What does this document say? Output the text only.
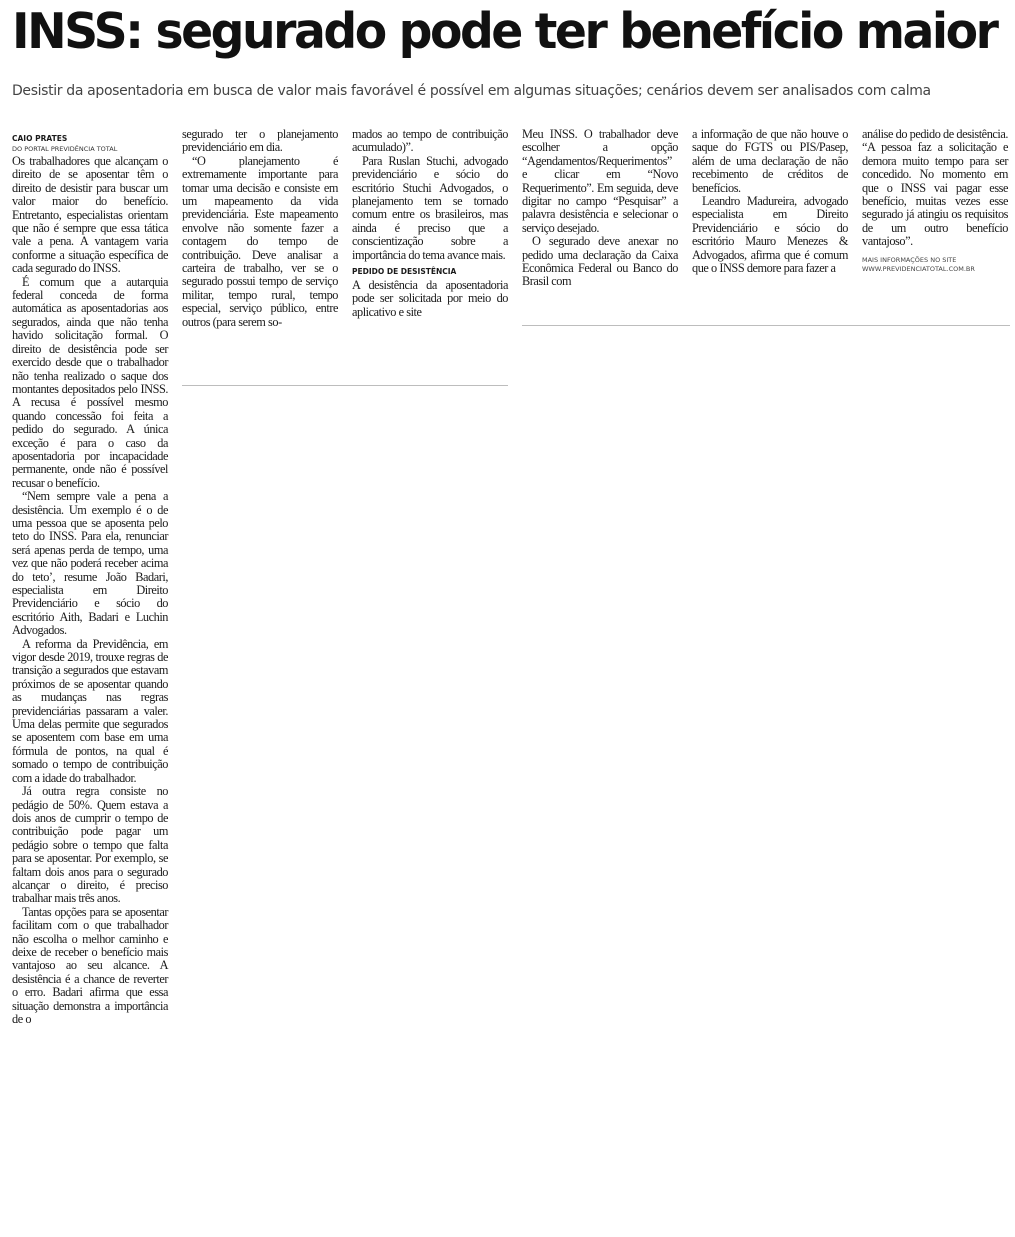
INSS: segurado pode ter benefício maior
Desistir da aposentadoria em busca de valor mais favorável é possível em algumas situações; cenários devem ser analisados com calma
CAIO PRATES
DO PORTAL PREVIDÊNCIA TOTAL

Os trabalhadores que alcançam o direito de se aposentar têm o direito de desistir para buscar um valor maior do benefício. Entretanto, especialistas orientam que não é sempre que essa tática vale a pena. A vantagem varia conforme a situação específica de cada segurado do INSS.

É comum que a autarquia federal conceda de forma automática as aposentadorias aos segurados, ainda que não tenha havido solicitação formal. O direito de desistência pode ser exercido desde que o trabalhador não tenha realizado o saque dos montantes depositados pelo INSS. A recusa é possível mesmo quando concessão foi feita a pedido do segurado. A única exceção é para o caso da aposentadoria por incapacidade permanente, onde não é possível recusar o benefício.

“Nem sempre vale a pena a desistência. Um exemplo é o de uma pessoa que se aposenta pelo teto do INSS. Para ela, renunciar será apenas perda de tempo, uma vez que não poderá receber acima do teto’, resume João Badari, especialista em Direito Previdenciário e sócio do escritório Aith, Badari e Luchin Advogados.

A reforma da Previdência, em vigor desde 2019, trouxe regras de transição a segurados que estavam próximos de se aposentar quando as mudanças nas regras previdenciárias passaram a valer. Uma delas permite que segurados se aposentem com base em uma fórmula de pontos, na qual é somado o tempo de contribuição com a idade do trabalhador.

Já outra regra consiste no pedágio de 50%. Quem estava a dois anos de cumprir o tempo de contribuição pode pagar um pedágio sobre o tempo que falta para se aposentar. Por exemplo, se faltam dois anos para o segurado alcançar o direito, é preciso trabalhar mais três anos.

Tantas opções para se aposentar facilitam com o que trabalhador não escolha o melhor caminho e deixe de receber o benefício mais vantajoso ao seu alcance. A desistência é a chance de reverter o erro. Badari afirma que essa situação demonstra a importância de o

segurado ter o planejamento previdenciário em dia.

“O planejamento é extremamente importante para tomar uma decisão e consiste em um mapeamento da vida previdenciária. Este mapeamento envolve não somente fazer a contagem do tempo de contribuição. Deve analisar a carteira de trabalho, ver se o segurado possui tempo de serviço militar, tempo rural, tempo especial, serviço público, entre outros (para serem so-

mados ao tempo de contribuição acumulado)”.

Para Ruslan Stuchi, advogado previdenciário e sócio do escritório Stuchi Advogados, o planejamento tem se tornado comum entre os brasileiros, mas ainda é preciso que a conscientização sobre a importância do tema avance mais.

PEDIDO DE DESISTÊNCIA

A desistência da aposentadoria pode ser solicitada por meio do aplicativo e site

Meu INSS. O trabalhador deve escolher a opção “Agendamentos/Requerimentos” e clicar em “Novo Requerimento”. Em seguida, deve digitar no campo “Pesquisar” a palavra desistência e selecionar o serviço desejado.

O segurado deve anexar no pedido uma declaração da Caixa Econômica Federal ou Banco do Brasil com

a informação de que não houve o saque do FGTS ou PIS/Pasep, além de uma declaração de não recebimento de créditos de benefícios.

Leandro Madureira, advogado especialista em Direito Previdenciário e sócio do escritório Mauro Menezes & Advogados, afirma que é comum que o INSS demore para fazer a

análise do pedido de desistência. “A pessoa faz a solicitação e demora muito tempo para ser concedido. No momento em que o INSS vai pagar esse benefício, muitas vezes esse segurado já atingiu os requisitos de um outro benefício vantajoso”.

MAIS INFORMAÇÕES NO SITE
WWW.PREVIDENCIATOTAL.COM.BR
